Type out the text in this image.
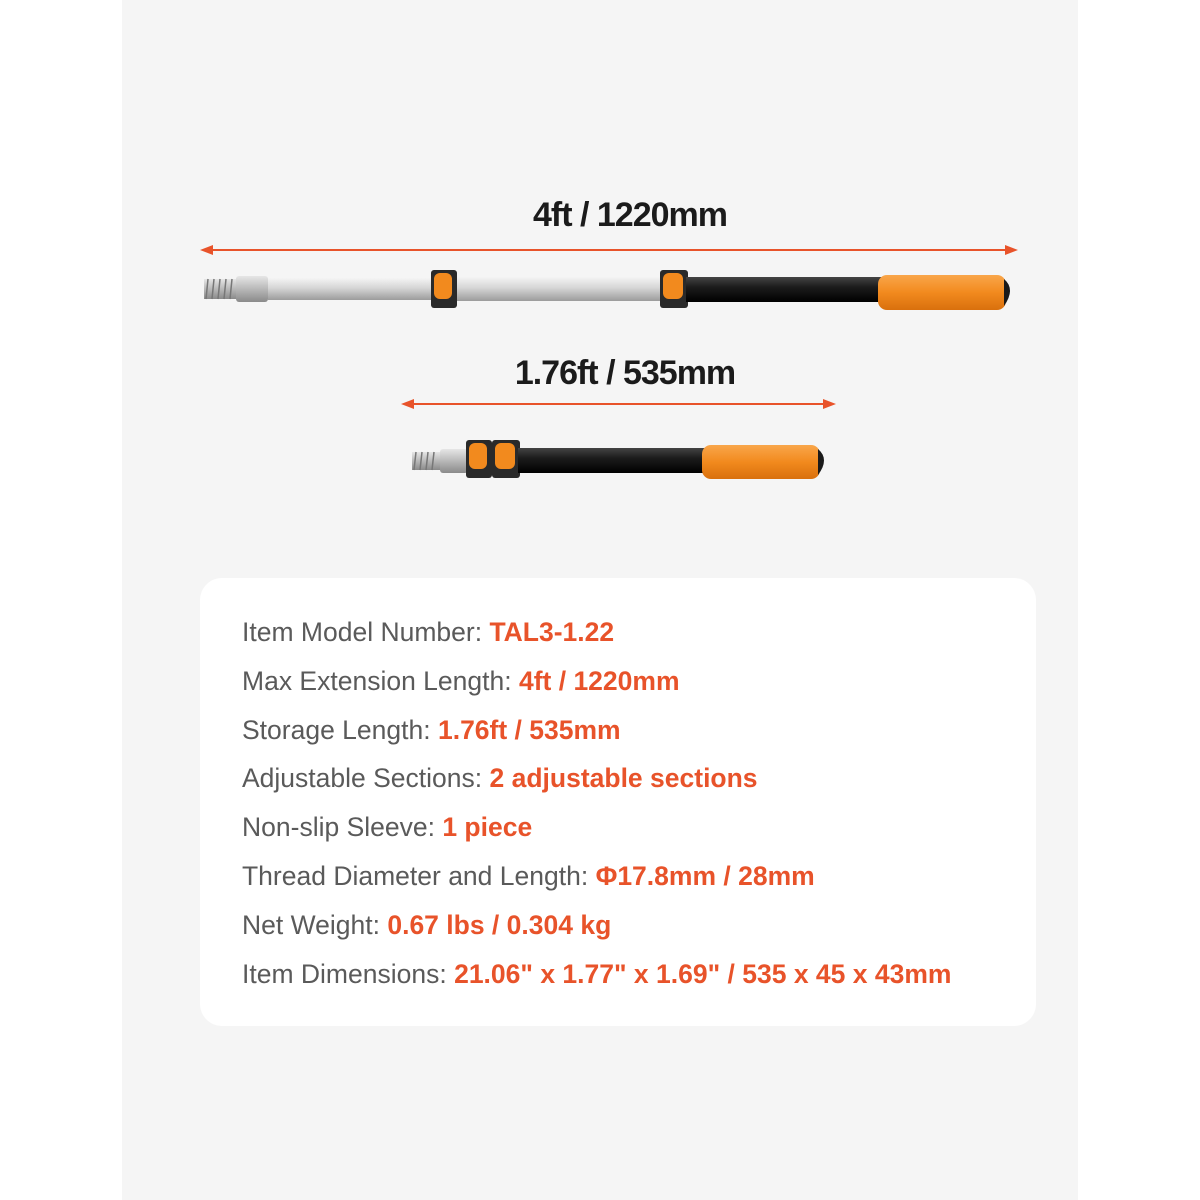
4ft / 1220mm
1.76ft / 535mm
Item Model Number: TAL3-1.22
Max Extension Length: 4ft / 1220mm
Storage Length: 1.76ft / 535mm
Adjustable Sections: 2 adjustable sections
Non-slip Sleeve: 1 piece
Thread Diameter and Length: Φ17.8mm / 28mm
Net Weight: 0.67 lbs / 0.304 kg
Item Dimensions: 21.06" x 1.77" x 1.69" / 535 x 45 x 43mm
